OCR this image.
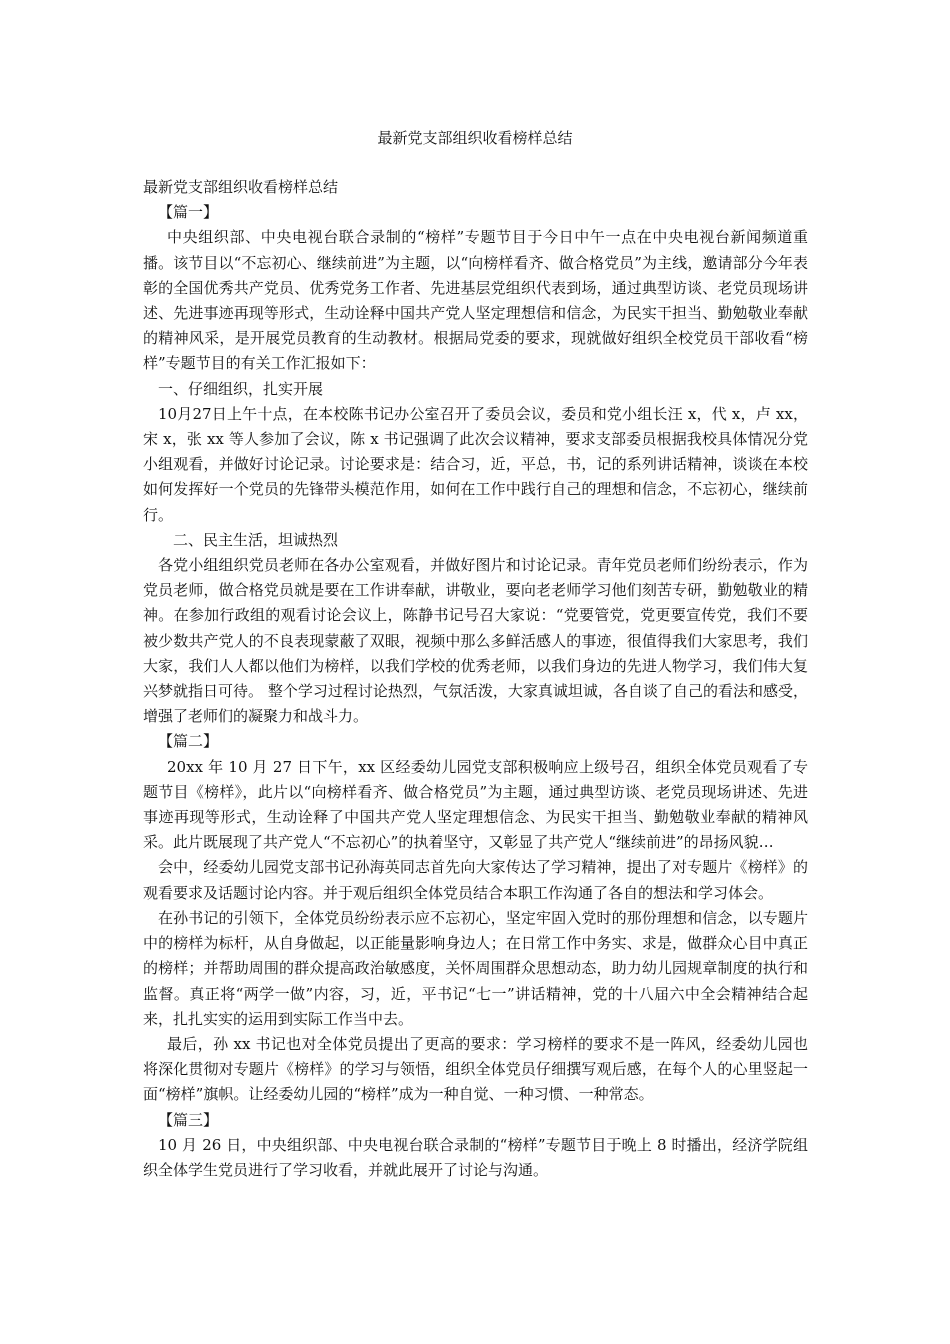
最新党支部组织收看榜样总结

最新党支部组织收看榜样总结

【篇一】

中央组织部、中央电视台联合录制的“榜样”专题节目于今日中午一点在中央电视台新闻频道重播。该节目以“不忘初心、继续前进”为主题，以“向榜样看齐、做合格党员”为主线，邀请部分今年表彰的全国优秀共产党员、优秀党务工作者、先进基层党组织代表到场，通过典型访谈、老党员现场讲述、先进事迹再现等形式，生动诠释中国共产党人坚定理想信和信念，为民实干担当、勤勉敬业奉献的精神风采，是开展党员教育的生动教材。根据局党委的要求，现就做好组织全校党员干部收看“榜样”专题节目的有关工作汇报如下：

一、仔细组织，扎实开展

10月27日上午十点，在本校陈书记办公室召开了委员会议，委员和党小组长汪 x，代 x，卢 xx，宋 x，张 xx 等人参加了会议，陈 x 书记强调了此次会议精神，要求支部委员根据我校具体情况分党小组观看，并做好讨论记录。讨论要求是：结合习，近，平总，书，记的系列讲话精神，谈谈在本校如何发挥好一个党员的先锋带头模范作用，如何在工作中践行自己的理想和信念，不忘初心，继续前行。

二、民主生活，坦诚热烈

各党小组组织党员老师在各办公室观看，并做好图片和讨论记录。青年党员老师们纷纷表示，作为党员老师，做合格党员就是要在工作讲奉献，讲敬业，要向老老师学习他们刻苦专研，勤勉敬业的精神。在参加行政组的观看讨论会议上，陈静书记号召大家说：“党要管党，党更要宣传党，我们不要被少数共产党人的不良表现蒙蔽了双眼，视频中那么多鲜活感人的事迹，很值得我们大家思考，我们大家，我们人人都以他们为榜样，以我们学校的优秀老师，以我们身边的先进人物学习，我们伟大复兴梦就指日可待。 整个学习过程讨论热烈，气氛活泼，大家真诚坦诚，各自谈了自己的看法和感受，增强了老师们的凝聚力和战斗力。

【篇二】

20xx 年 10 月 27 日下午，xx 区经委幼儿园党支部积极响应上级号召，组织全体党员观看了专题节目《榜样》，此片以“向榜样看齐、做合格党员”为主题，通过典型访谈、老党员现场讲述、先进事迹再现等形式，生动诠释了中国共产党人坚定理想信念、为民实干担当、勤勉敬业奉献的精神风采。此片既展现了共产党人“不忘初心”的执着坚守，又彰显了共产党人“继续前进”的昂扬风貌…

会中，经委幼儿园党支部书记孙海英同志首先向大家传达了学习精神，提出了对专题片《榜样》的观看要求及话题讨论内容。并于观后组织全体党员结合本职工作沟通了各自的想法和学习体会。

在孙书记的引领下，全体党员纷纷表示应不忘初心，坚定牢固入党时的那份理想和信念，以专题片中的榜样为标杆，从自身做起，以正能量影响身边人；在日常工作中务实、求是，做群众心目中真正的榜样；并帮助周围的群众提高政治敏感度，关怀周围群众思想动态，助力幼儿园规章制度的执行和监督。真正将“两学一做”内容，习，近，平书记“七一”讲话精神，党的十八届六中全会精神结合起来，扎扎实实的运用到实际工作当中去。

最后，孙 xx 书记也对全体党员提出了更高的要求：学习榜样的要求不是一阵风，经委幼儿园也将深化贯彻对专题片《榜样》的学习与领悟，组织全体党员仔细撰写观后感，在每个人的心里竖起一面“榜样”旗帜。让经委幼儿园的“榜样”成为一种自觉、一种习惯、一种常态。

【篇三】

10 月 26 日，中央组织部、中央电视台联合录制的“榜样”专题节目于晚上 8 时播出，经济学院组织全体学生党员进行了学习收看，并就此展开了讨论与沟通。
